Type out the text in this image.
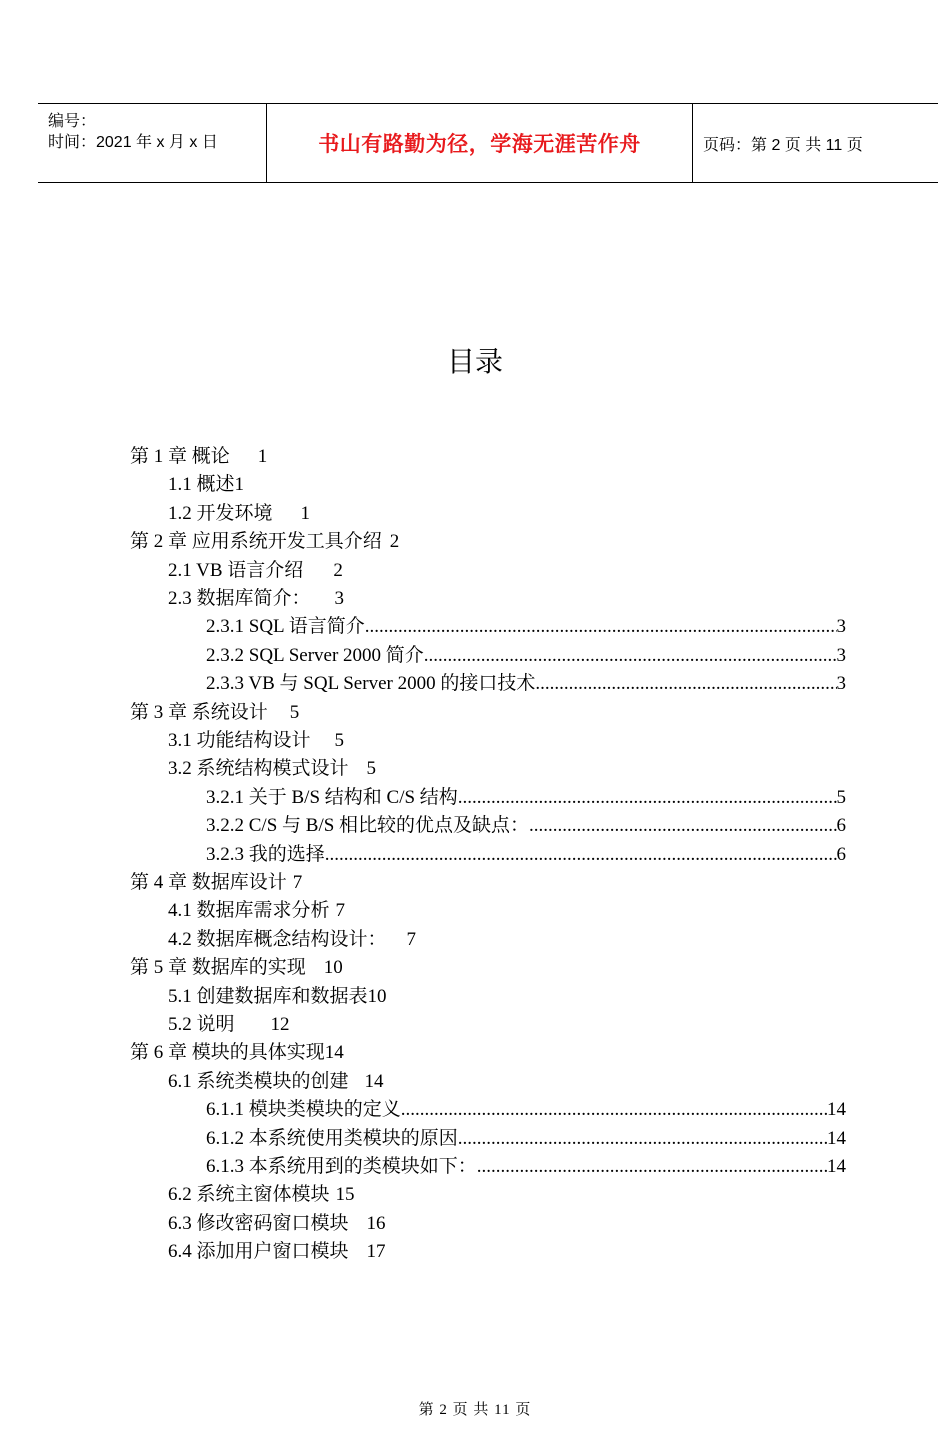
编号：
时间：2021 年 x 月 x 日	书山有路勤为径，学海无涯苦作舟	页码：第 2 页 共 11 页
目录
第 1 章 概论 1
1.1 概述1
1.2 开发环境 1
第 2 章 应用系统开发工具介绍 2
2.1 VB 语言介绍 2
2.3 数据库简介： 3
2.3.1 SQL 语言简介 .....	3
2.3.2 SQL Server 2000 简介 .....	3
2.3.3 VB 与 SQL Server 2000 的接口技术 .....	3
第 3 章 系统设计 5
3.1 功能结构设计 5
3.2 系统结构模式设计 5
3.2.1 关于 B/S 结构和 C/S 结构 .....	5
3.2.2 C/S 与 B/S 相比较的优点及缺点： .....	6
3.2.3 我的选择 .....	6
第 4 章 数据库设计 7
4.1 数据库需求分析 7
4.2 数据库概念结构设计： 7
第 5 章 数据库的实现 10
5.1 创建数据库和数据表10
5.2 说明 12
第 6 章 模块的具体实现14
6.1 系统类模块的创建 14
6.1.1 模块类模块的定义 .....	14
6.1.2 本系统使用类模块的原因 .....	14
6.1.3 本系统用到的类模块如下： .....	14
6.2 系统主窗体模块 15
6.3 修改密码窗口模块 16
6.4 添加用户窗口模块 17
第 2 页 共 11 页
